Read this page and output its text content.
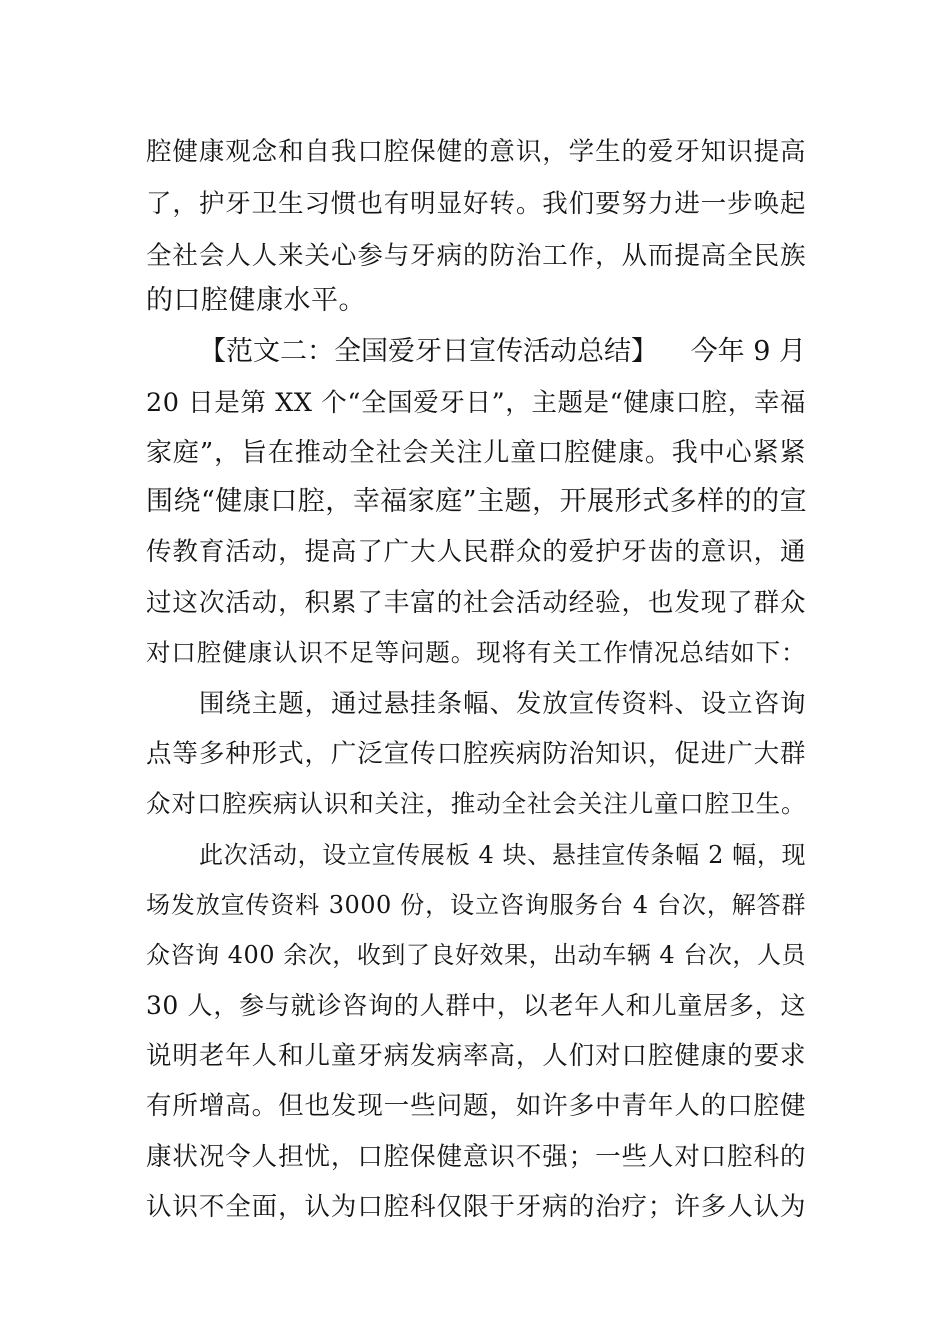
腔健康观念和自我口腔保健的意识，学生的爱牙知识提高
了，护牙卫生习惯也有明显好转。我们要努力进一步唤起
全社会人人来关心参与牙病的防治工作，从而提高全民族
的口腔健康水平。
【范文二：全国爱牙日宣传活动总结】 今年 9 月
20 日是第 XX 个“全国爱牙日”，主题是“健康口腔，幸福
家庭”，旨在推动全社会关注儿童口腔健康。我中心紧紧
围绕“健康口腔，幸福家庭”主题，开展形式多样的的宣
传教育活动，提高了广大人民群众的爱护牙齿的意识，通
过这次活动，积累了丰富的社会活动经验，也发现了群众
对口腔健康认识不足等问题。现将有关工作情况总结如下：
围绕主题，通过悬挂条幅、发放宣传资料、设立咨询
点等多种形式，广泛宣传口腔疾病防治知识，促进广大群
众对口腔疾病认识和关注，推动全社会关注儿童口腔卫生。
此次活动，设立宣传展板 4 块、悬挂宣传条幅 2 幅，现
场发放宣传资料 3000 份，设立咨询服务台 4 台次，解答群
众咨询 400 余次，收到了良好效果，出动车辆 4 台次，人员
30 人，参与就诊咨询的人群中，以老年人和儿童居多，这
说明老年人和儿童牙病发病率高，人们对口腔健康的要求
有所增高。但也发现一些问题，如许多中青年人的口腔健
康状况令人担忧，口腔保健意识不强；一些人对口腔科的
认识不全面，认为口腔科仅限于牙病的治疗；许多人认为
